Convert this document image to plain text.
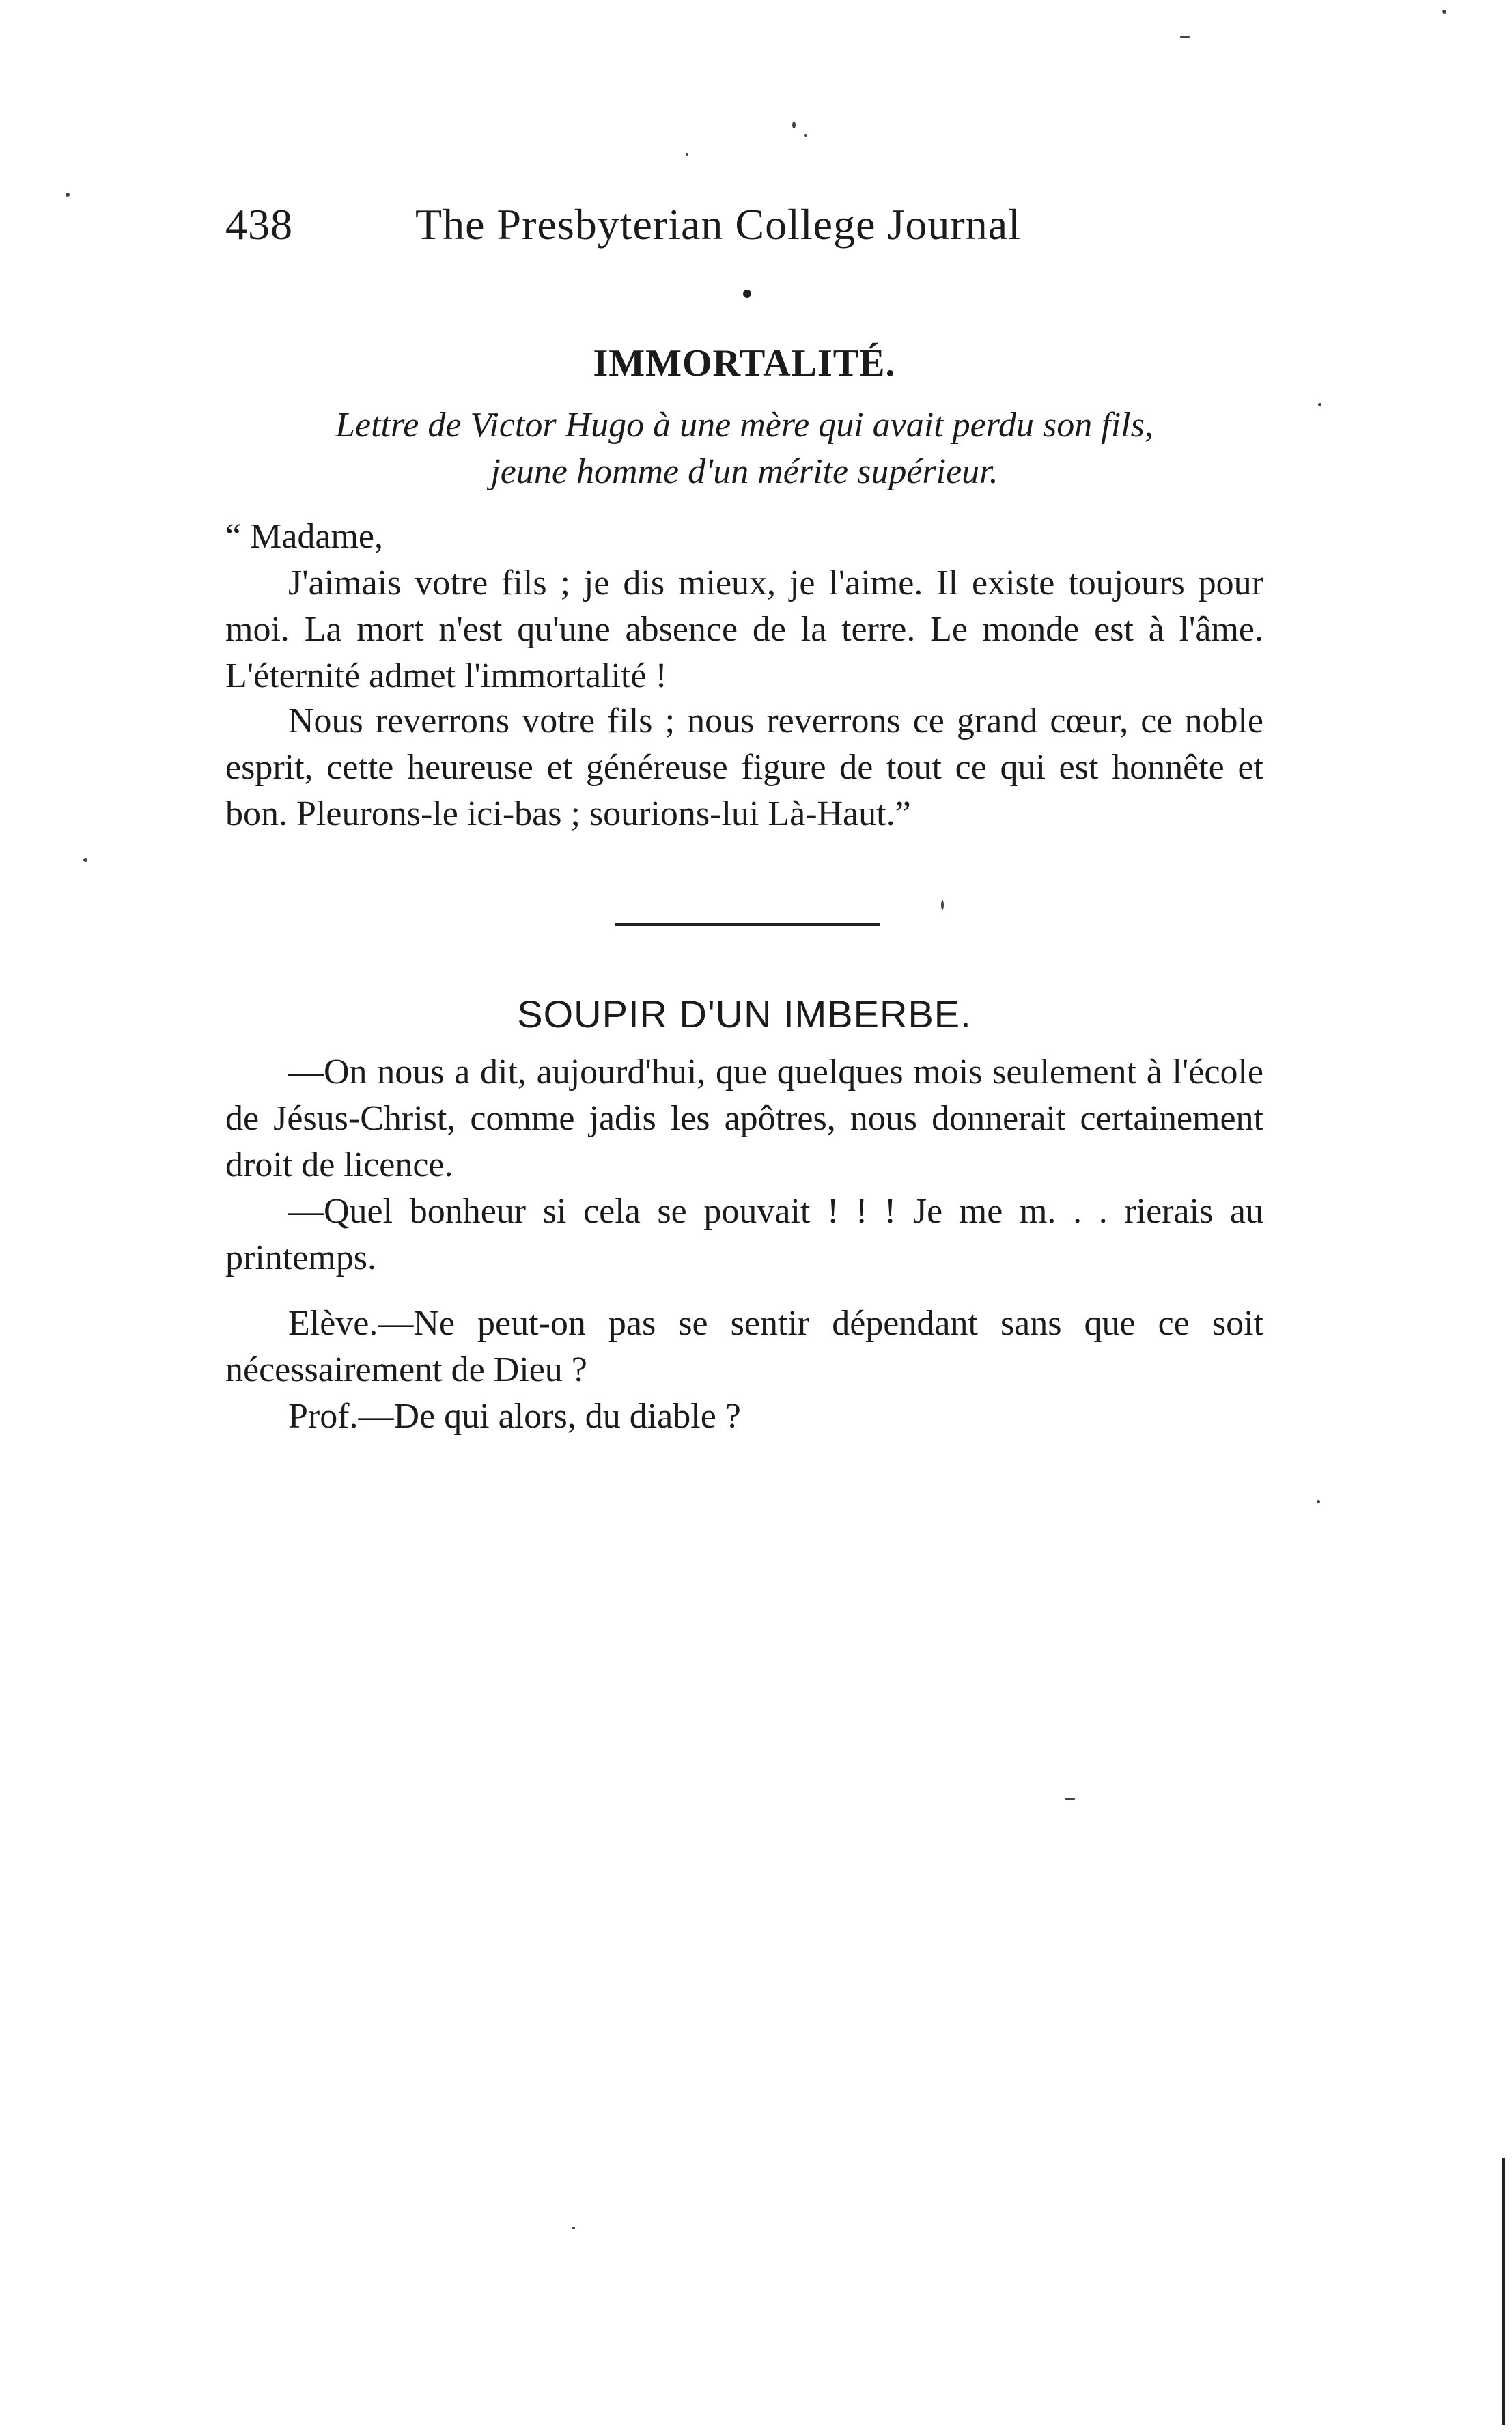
438	The Presbyterian College Journal
IMMORTALITÉ.
Lettre de Victor Hugo à une mère qui avait perdu son fils,
jeune homme d'un mérite supérieur.
“ Madame,
J'aimais votre fils ; je dis mieux, je l'aime. Il existe toujours pour moi. La mort n'est qu'une absence de la terre. Le monde est à l'âme. L'éternité admet l'immortalité !
Nous reverrons votre fils ; nous reverrons ce grand cœur, ce noble esprit, cette heureuse et généreuse figure de tout ce qui est honnête et bon. Pleurons-le ici-bas ; sourions-lui Là-Haut.”
SOUPIR D'UN IMBERBE.
—On nous a dit, aujourd'hui, que quelques mois seulement à l'école de Jésus-Christ, comme jadis les apôtres, nous donnerait certainement droit de licence.
—Quel bonheur si cela se pouvait ! ! ! Je me m. . . rierais au printemps.
Elève.—Ne peut-on pas se sentir dépendant sans que ce soit nécessairement de Dieu ?
Prof.—De qui alors, du diable ?
